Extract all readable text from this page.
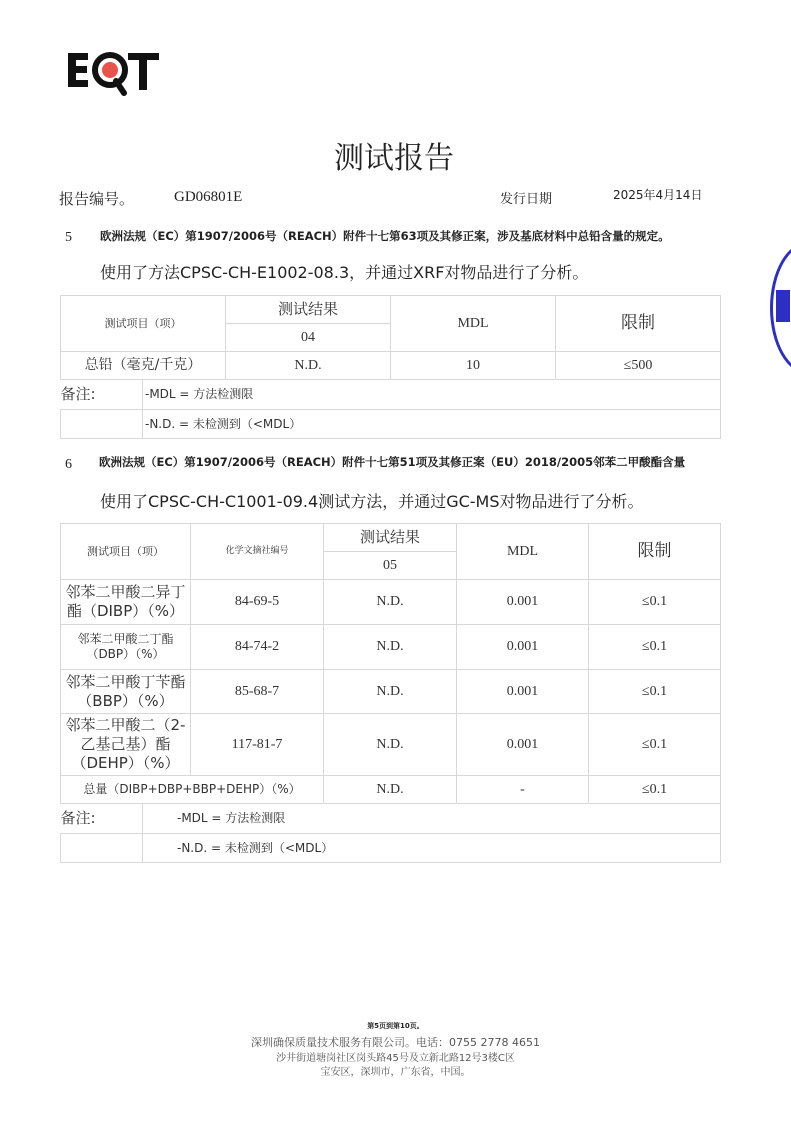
测试报告
报告编号。	GD06801E	发行日期	2025年4月14日
5 欧洲法规（EC）第1907/2006号（REACH）附件十七第63项及其修正案，涉及基底材料中总铅含量的规定。
使用了方法CPSC-CH-E1002-08.3，并通过XRF对物品进行了分析。
测试项目（项）		测试结果	MDL	限制
		04		
总铅（毫克/千克）		N.D.	10	≤500
备注:	-MDL = 方法检测限			
	-N.D. = 未检测到（<MDL）			
6 欧洲法规（EC）第1907/2006号（REACH）附件十七第51项及其修正案（EU）2018/2005邻苯二甲酸酯含量
使用了CPSC-CH-C1001-09.4测试方法，并通过GC-MS对物品进行了分析。
测试项目（项）		化学文摘社编号	测试结果	MDL	限制
			05		
邻苯二甲酸二异丁酯（DIBP）（%）		84-69-5	N.D.	0.001	≤0.1
邻苯二甲酸二丁酯（DBP）（%）		84-74-2	N.D.	0.001	≤0.1
邻苯二甲酸丁苄酯（BBP）（%）		85-68-7	N.D.	0.001	≤0.1
邻苯二甲酸二（2-乙基己基）酯（DEHP）（%）		117-81-7	N.D.	0.001	≤0.1
总量（DIBP+DBP+BBP+DEHP）（%）			N.D.	-	≤0.1
备注:	-MDL = 方法检测限				
	-N.D. = 未检测到（<MDL）				
第5页到第10页。
深圳确保质量技术服务有限公司。电话：0755 2778 4651
沙井街道塘岗社区岗头路45号及立新北路12号3楼C区
宝安区，深圳市，广东省，中国。
